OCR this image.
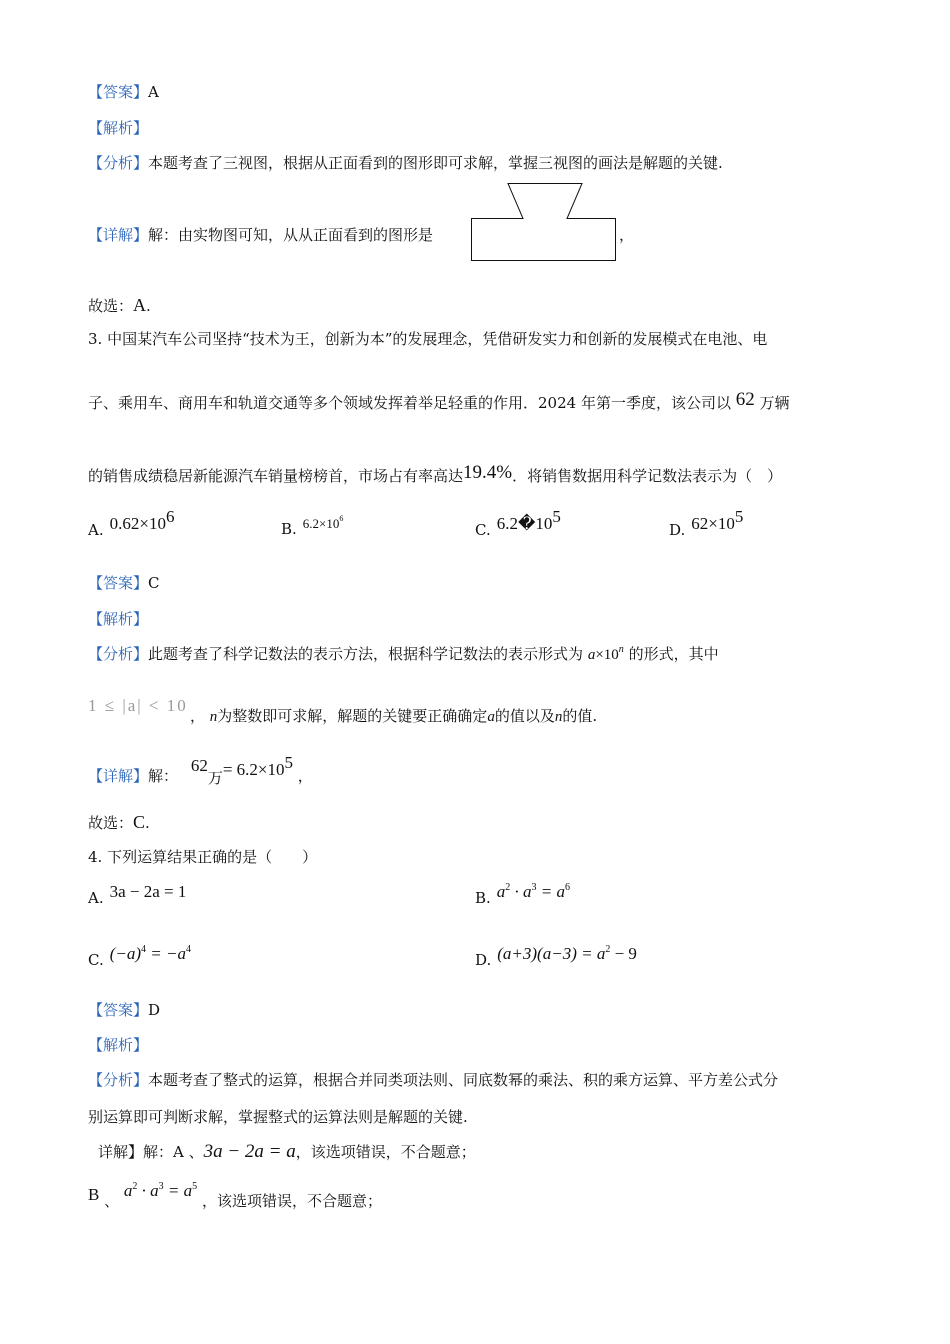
【答案】A
【解析】
【分析】本题考查了三视图，根据从正面看到的图形即可求解，掌握三视图的画法是解题的关键.
【详解】解：由实物图可知，从从正面看到的图形是	，
故选：A.
3. 中国某汽车公司坚持“技术为王，创新为本”的发展理念，凭借研发实力和创新的发展模式在电池、电
子、乘用车、商用车和轨道交通等多个领域发挥着举足轻重的作用．2024 年第一季度，该公司以 62 万辆
的销售成绩稳居新能源汽车销量榜榜首，市场占有率高达19.4%．将销售数据用科学记数法表示为（　）
A. $0.62\times 10^6$
B. $6.2\times 10^6$
C. $6.2�10^5$
D. $62\times 10^5$
【答案】C
【解析】
【分析】此题考查了科学记数法的表示方法，根据科学记数法的表示形式为 $a\times 10^n$ 的形式，其中
1 ≤ |a| < 10
， n为整数即可求解，解题的关键要正确确定a的值以及n的值.
【详解】解： 62万= $6.2\times 10^5$ ，
故选：C.
4. 下列运算结果正确的是（　　）
A. 3a − 2a = 1	B. $a^2 \cdot a^3 = a^6$
C. $(-a)^4 = -a^4$
D. $(a+3)(a-3) = a^2 - 9$
【答案】D
【解析】
【分析】本题考查了整式的运算，根据合并同类项法则、同底数幂的乘法、积的乘方运算、平方差公式分
别运算即可判断求解，掌握整式的运算法则是解题的关键.
详解】解：A 、3a − 2a = a，该选项错误，不合题意；
B 、 $a^2 \cdot a^3 = a^5$ ，该选项错误，不合题意；
